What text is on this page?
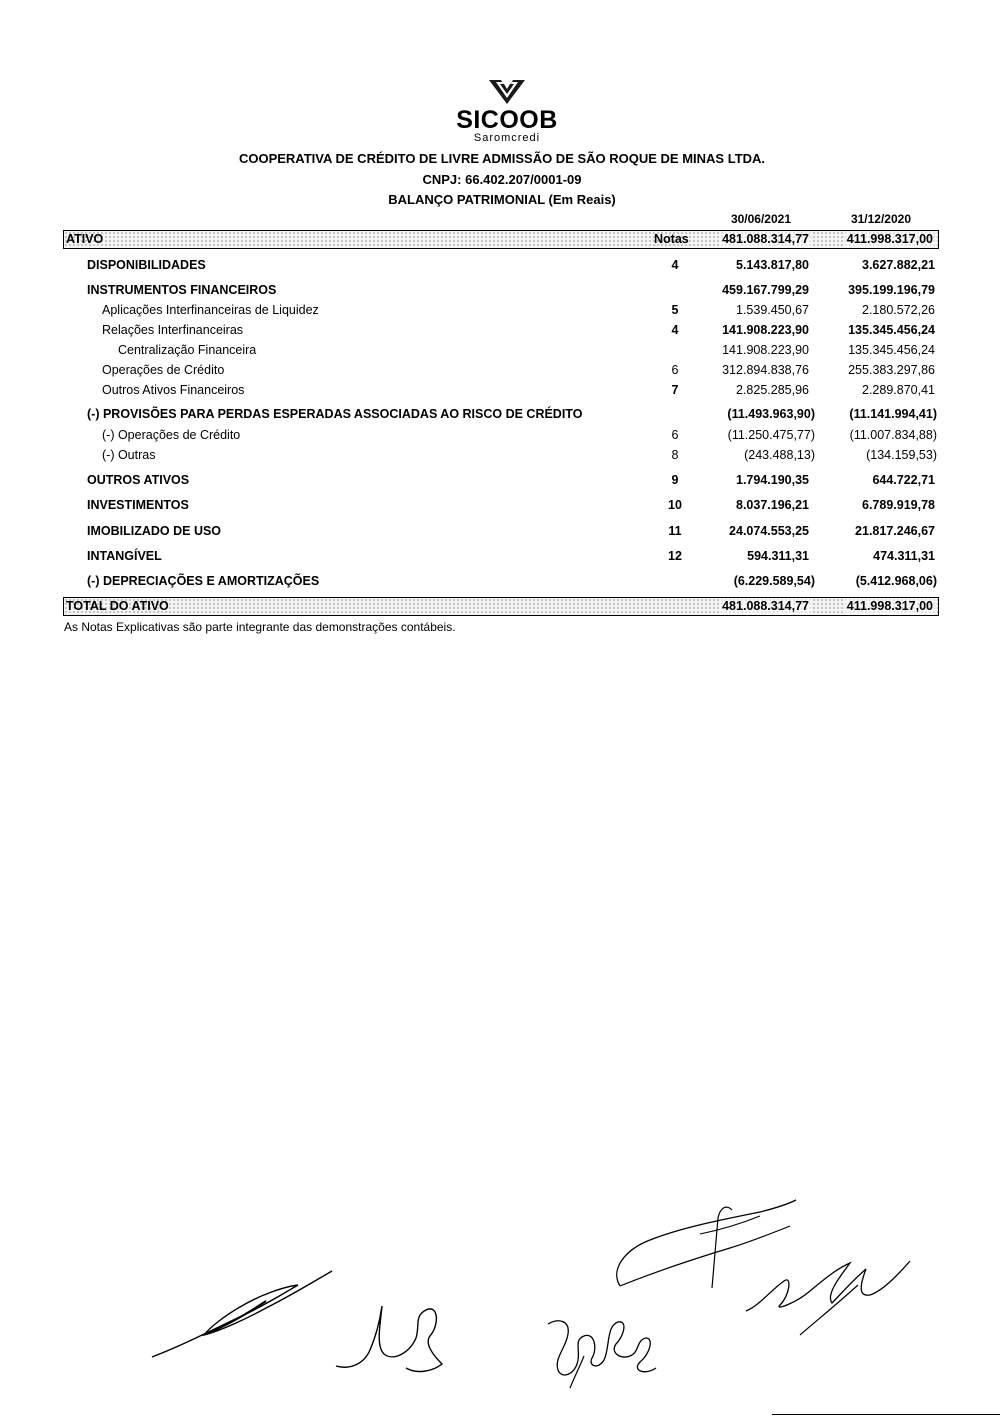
SICOOB
Saromcredi
COOPERATIVA DE CRÉDITO DE LIVRE ADMISSÃO DE SÃO ROQUE DE MINAS LTDA.
CNPJ: 66.402.207/0001-09
BALANÇO PATRIMONIAL (Em Reais)
30/06/2021	31/12/2020
ATIVO	Notas	481.088.314,77	411.998.317,00
DISPONIBILIDADES	4	5.143.817,80	3.627.882,21
INSTRUMENTOS FINANCEIROS	459.167.799,29	395.199.196,79
Aplicações Interfinanceiras de Liquidez	5	1.539.450,67	2.180.572,26
Relações Interfinanceiras	4	141.908.223,90	135.345.456,24
Centralização Financeira	141.908.223,90	135.345.456,24
Operações de Crédito	6	312.894.838,76	255.383.297,86
Outros Ativos Financeiros	7	2.825.285,96	2.289.870,41
(-) PROVISÕES PARA PERDAS ESPERADAS ASSOCIADAS AO RISCO DE CRÉDITO	(11.493.963,90)	(11.141.994,41)
(-) Operações de Crédito	6	(11.250.475,77)	(11.007.834,88)
(-) Outras	8	(243.488,13)	(134.159,53)
OUTROS ATIVOS	9	1.794.190,35	644.722,71
INVESTIMENTOS	10	8.037.196,21	6.789.919,78
IMOBILIZADO DE USO	11	24.074.553,25	21.817.246,67
INTANGÍVEL	12	594.311,31	474.311,31
(-) DEPRECIAÇÕES E AMORTIZAÇÕES	(6.229.589,54)	(5.412.968,06)
TOTAL DO ATIVO	481.088.314,77	411.998.317,00
As Notas Explicativas são parte integrante das demonstrações contábeis.
